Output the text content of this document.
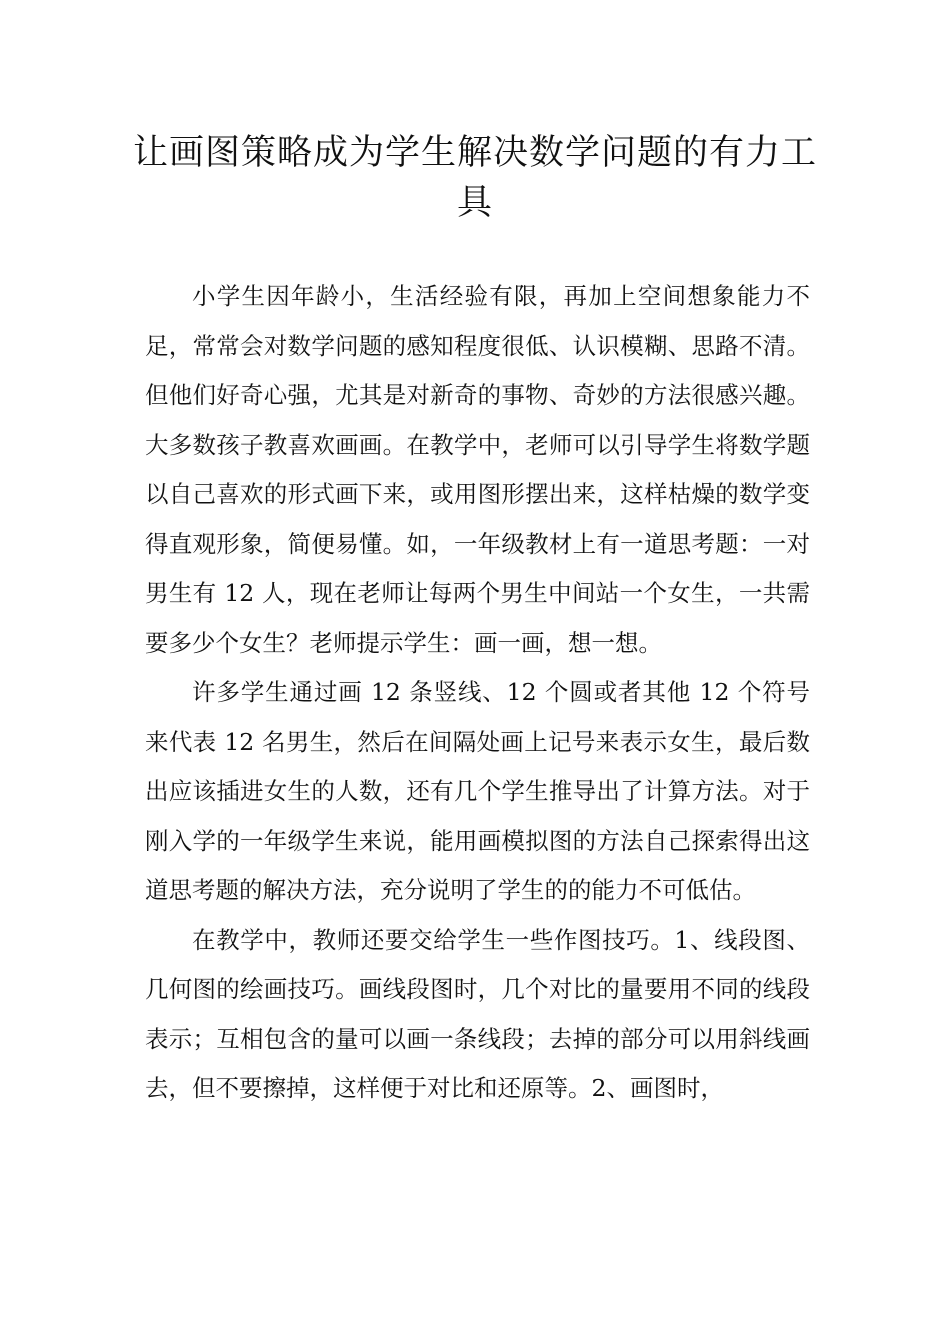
让画图策略成为学生解决数学问题的有力工具

小学生因年龄小，生活经验有限，再加上空间想象能力不足，常常会对数学问题的感知程度很低、认识模糊、思路不清。但他们好奇心强，尤其是对新奇的事物、奇妙的方法很感兴趣。大多数孩子教喜欢画画。在教学中，老师可以引导学生将数学题以自己喜欢的形式画下来，或用图形摆出来，这样枯燥的数学变得直观形象，简便易懂。如，一年级教材上有一道思考题：一对男生有 12 人，现在老师让每两个男生中间站一个女生，一共需要多少个女生？老师提示学生：画一画，想一想。

许多学生通过画 12 条竖线、12 个圆或者其他 12 个符号来代表 12 名男生，然后在间隔处画上记号来表示女生，最后数出应该插进女生的人数，还有几个学生推导出了计算方法。对于刚入学的一年级学生来说，能用画模拟图的方法自己探索得出这道思考题的解决方法，充分说明了学生的的能力不可低估。

在教学中，教师还要交给学生一些作图技巧。1、线段图、几何图的绘画技巧。画线段图时，几个对比的量要用不同的线段表示；互相包含的量可以画一条线段；去掉的部分可以用斜线画去，但不要擦掉，这样便于对比和还原等。2、画图时，
